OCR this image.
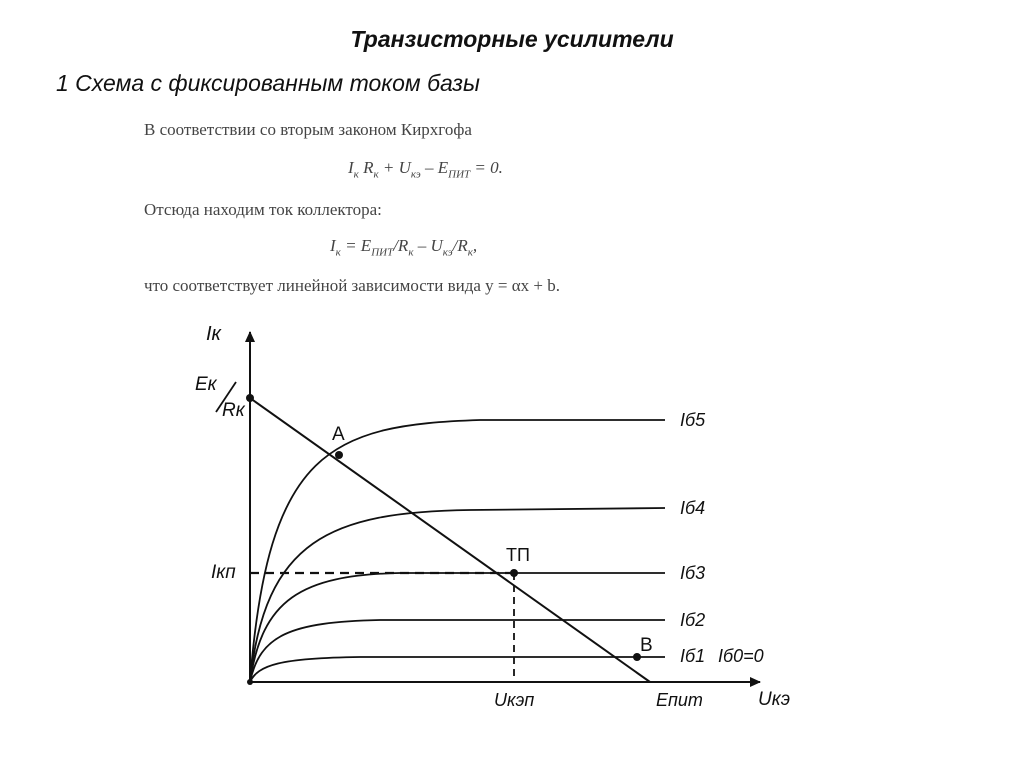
Транзисторные усилители
1 Схема с фиксированным током базы
В соответствии со вторым законом Кирхгофа
$I_к$ $R_к + U_{кэ} - E_{ПИТ} = 0$.
Отсюда находим ток коллектора:
$I_к = E_{ПИТ}/R_к - U_{кэ}/R_к$,
что соответствует линейной зависимости вида y = αx + b.
Iк
Eк
Rк
A
ТП
B
Iкп
Uкэп	Eпит	Uкэ
Iб5
Iб4
Iб3
Iб2
Iб1 Iб0=0
